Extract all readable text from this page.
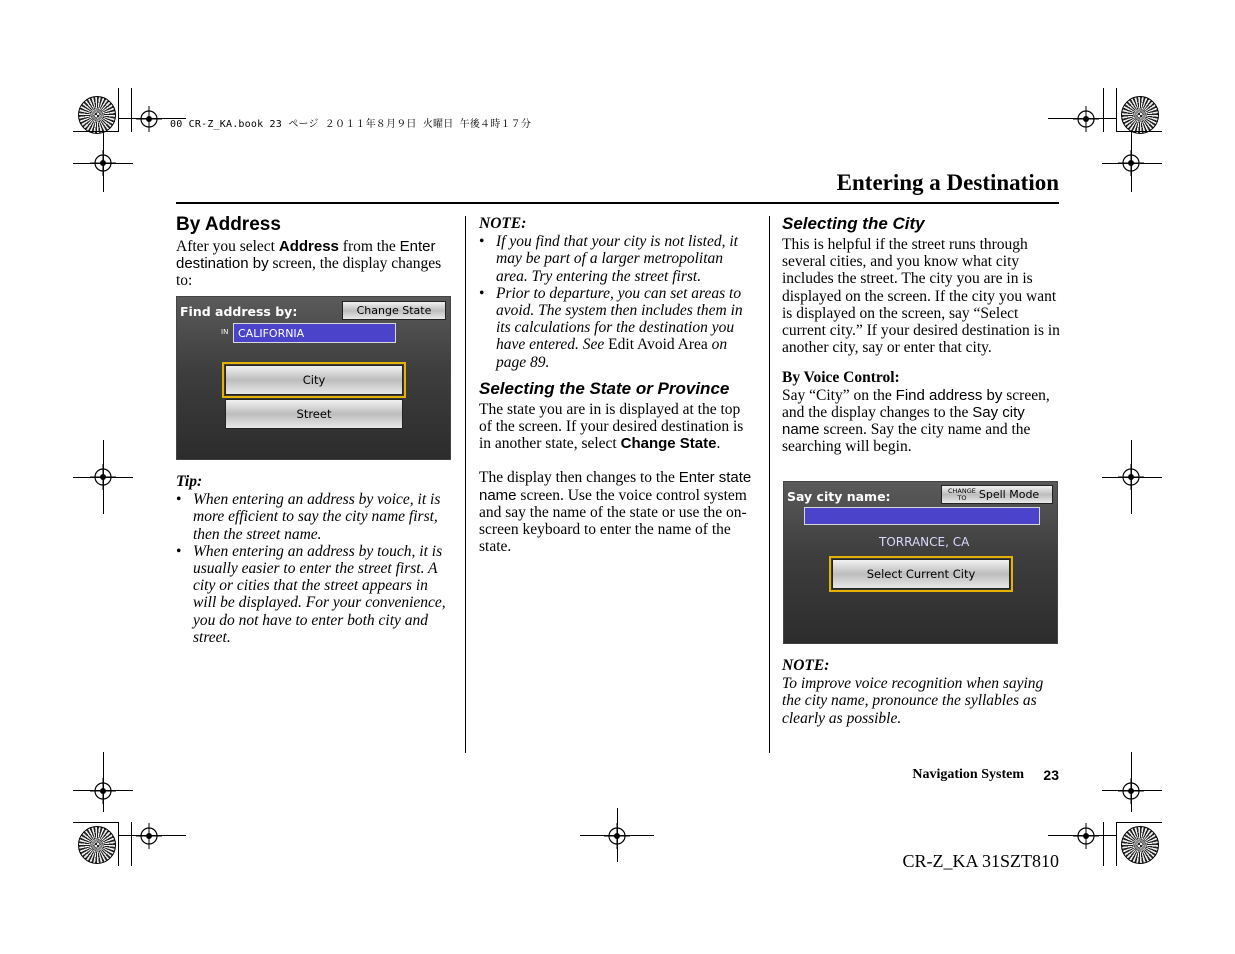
00 CR-Z_KA.book 23 ページ ２０１１年８月９日 火曜日 午後４時１７分
Entering a Destination
By Address
After you select Address from the Enter destination by screen, the display changes to:
Find address by:	Change State
IN CALIFORNIA
City
Street
Tip:
• When entering an address by voice, it is more efficient to say the city name first, then the street name.
• When entering an address by touch, it is usually easier to enter the street first. A city or cities that the street appears in will be displayed. For your convenience, you do not have to enter both city and street.
NOTE:
• If you find that your city is not listed, it may be part of a larger metropolitan area. Try entering the street first.
• Prior to departure, you can set areas to avoid. The system then includes them in its calculations for the destination you have entered. See Edit Avoid Area on page 89.
Selecting the State or Province
The state you are in is displayed at the top of the screen. If your desired destination is in another state, select Change State.
The display then changes to the Enter state name screen. Use the voice control system and say the name of the state or use the on-screen keyboard to enter the name of the state.
Selecting the City
This is helpful if the street runs through several cities, and you know what city includes the street. The city you are in is displayed on the screen. If the city you want is displayed on the screen, say “Select current city.” If your desired destination is in another city, say or enter that city.
By Voice Control:
Say “City” on the Find address by screen, and the display changes to the Say city name screen. Say the city name and the searching will begin.
Say city name:	CHANGE
TO Spell Mode
TORRANCE, CA
Select Current City
NOTE:
To improve voice recognition when saying the city name, pronounce the syllables as clearly as possible.
Navigation System 23
CR-Z_KA 31SZT810
